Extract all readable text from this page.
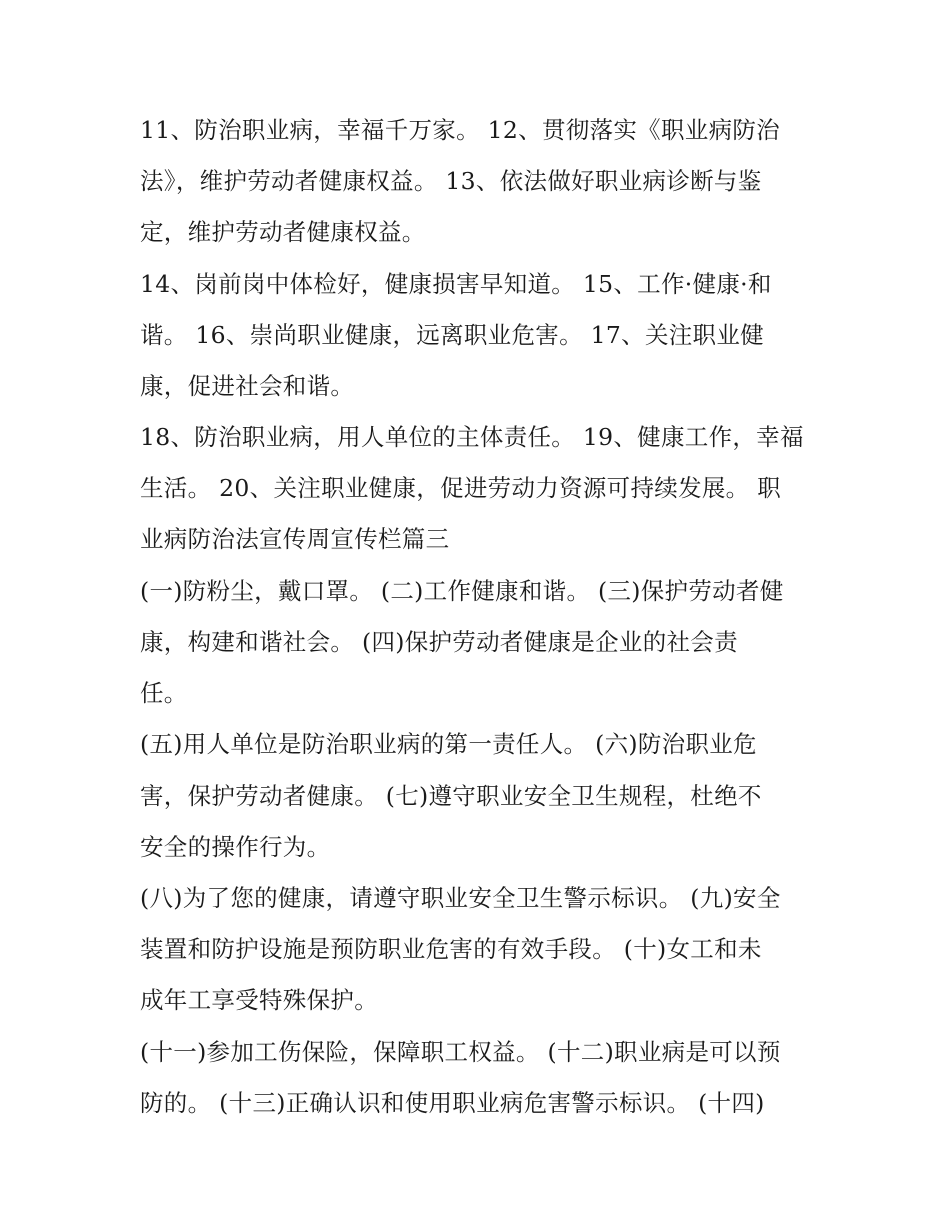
11、防治职业病，幸福千万家。 12、贯彻落实《职业病防治
法》，维护劳动者健康权益。 13、依法做好职业病诊断与鉴
定，维护劳动者健康权益。
14、岗前岗中体检好，健康损害早知道。 15、工作·健康·和
谐。 16、崇尚职业健康，远离职业危害。 17、关注职业健
康，促进社会和谐。
18、防治职业病，用人单位的主体责任。 19、健康工作，幸福
生活。 20、关注职业健康，促进劳动力资源可持续发展。 职
业病防治法宣传周宣传栏篇三
(一)防粉尘，戴口罩。 (二)工作健康和谐。 (三)保护劳动者健
康，构建和谐社会。 (四)保护劳动者健康是企业的社会责
任。
(五)用人单位是防治职业病的第一责任人。 (六)防治职业危
害，保护劳动者健康。 (七)遵守职业安全卫生规程，杜绝不
安全的操作行为。
(八)为了您的健康，请遵守职业安全卫生警示标识。 (九)安全
装置和防护设施是预防职业危害的有效手段。 (十)女工和未
成年工享受特殊保护。
(十一)参加工伤保险，保障职工权益。 (十二)职业病是可以预
防的。 (十三)正确认识和使用职业病危害警示标识。 (十四)
